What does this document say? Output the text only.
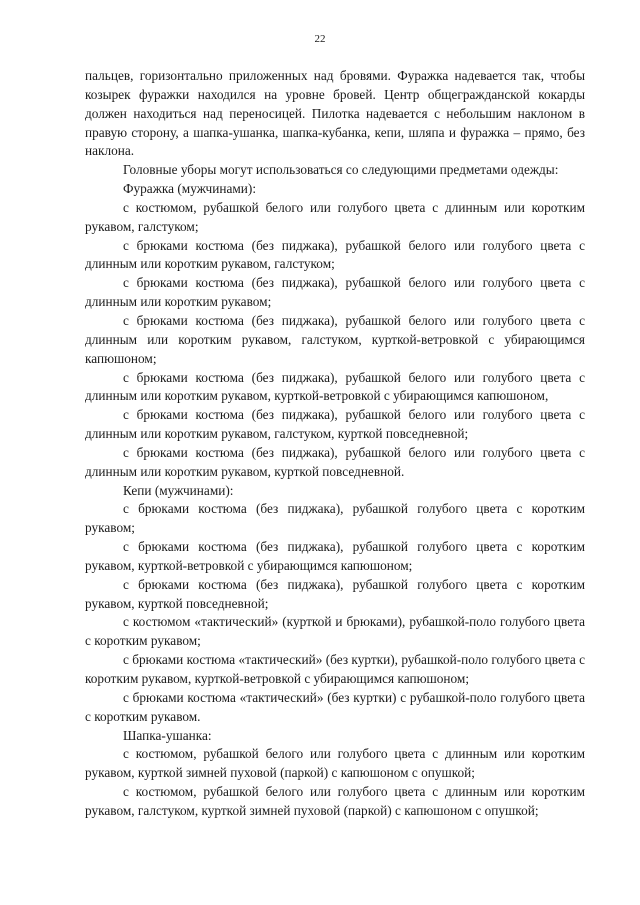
22

пальцев, горизонтально приложенных над бровями. Фуражка надевается так, чтобы козырек фуражки находился на уровне бровей. Центр общегражданской кокарды должен находиться над переносицей. Пилотка надевается с небольшим наклоном в правую сторону, а шапка-ушанка, шапка-кубанка, кепи, шляпа и фуражка – прямо, без наклона.

Головные уборы могут использоваться со следующими предметами одежды:

Фуражка (мужчинами):

с костюмом, рубашкой белого или голубого цвета с длинным или коротким рукавом, галстуком;

с брюками костюма (без пиджака), рубашкой белого или голубого цвета с длинным или коротким рукавом, галстуком;

с брюками костюма (без пиджака), рубашкой белого или голубого цвета с длинным или коротким рукавом;

с брюками костюма (без пиджака), рубашкой белого или голубого цвета с длинным или коротким рукавом, галстуком, курткой-ветровкой с убирающимся капюшоном;

с брюками костюма (без пиджака), рубашкой белого или голубого цвета с длинным или коротким рукавом, курткой-ветровкой с убирающимся капюшоном,

с брюками костюма (без пиджака), рубашкой белого или голубого цвета с длинным или коротким рукавом, галстуком, курткой повседневной;

с брюками костюма (без пиджака), рубашкой белого или голубого цвета с длинным или коротким рукавом, курткой повседневной.

Кепи (мужчинами):

с брюками костюма (без пиджака), рубашкой голубого цвета с коротким рукавом;

с брюками костюма (без пиджака), рубашкой голубого цвета с коротким рукавом, курткой-ветровкой с убирающимся капюшоном;

с брюками костюма (без пиджака), рубашкой голубого цвета с коротким рукавом, курткой повседневной;

с костюмом «тактический» (курткой и брюками), рубашкой-поло голубого цвета с коротким рукавом;

с брюками костюма «тактический» (без куртки), рубашкой-поло голубого цвета с коротким рукавом, курткой-ветровкой с убирающимся капюшоном;

с брюками костюма «тактический» (без куртки) с рубашкой-поло голубого цвета с коротким рукавом.

Шапка-ушанка:

с костюмом, рубашкой белого или голубого цвета с длинным или коротким рукавом, курткой зимней пуховой (паркой) с капюшоном с опушкой;

с костюмом, рубашкой белого или голубого цвета с длинным или коротким рукавом, галстуком, курткой зимней пуховой (паркой) с капюшоном с опушкой;
